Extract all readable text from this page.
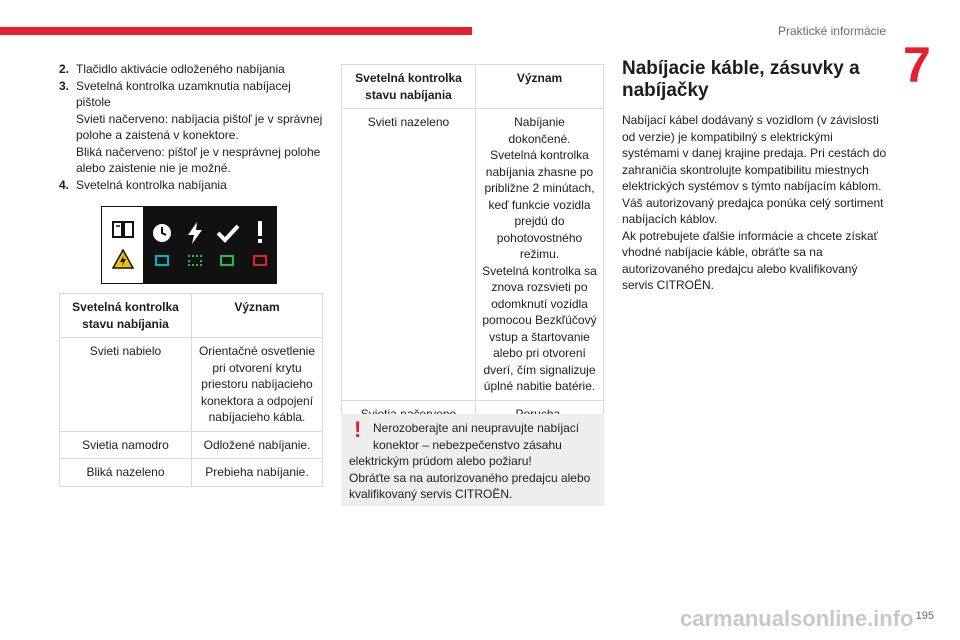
Praktické informácie
7
2. Tlačidlo aktivácie odloženého nabíjania
3. Svetelná kontrolka uzamknutia nabíjacej pištole
Svieti načerveno: nabíjacia pištoľ je v správnej polohe a zaistená v konektore.
Bliká načerveno: pištoľ je v nesprávnej polohe alebo zaistenie nie je možné.
4. Svetelná kontrolka nabíjania
Svetelná kontrolka stavu nabíjania	Význam
Svieti nabielo	Orientačné osvetlenie pri otvorení krytu priestoru nabíjacieho konektora a odpojení nabíjacieho kábla.
Svietia namodro	Odložené nabíjanie.
Bliká nazeleno	Prebieha nabíjanie.
Svetelná kontrolka stavu nabíjania	Význam
Svieti nazeleno	Nabíjanie dokončené.
Svetelná kontrolka nabíjania zhasne po približne 2 minútach, keď funkcie vozidla prejdú do pohotovostného režimu.
Svetelná kontrolka sa znova rozsvieti po odomknutí vozidla pomocou Bezkľúčový vstup a štartovanie alebo pri otvorení dverí, čím signalizuje úplné nabitie batérie.

! Nerozoberajte ani neupravujte nabíjací konektor – nebezpečenstvo zásahu
elektrickým prúdom alebo požiaru!
Obráťte sa na autorizovaného predajcu alebo kvalifikovaný servis CITROËN.
Nabíjacie káble, zásuvky a nabíjačky
Nabíjací kábel dodávaný s vozidlom (v závislosti od verzie) je kompatibilný s elektrickými systémami v danej krajine predaja. Pri cestách do zahraničia skontrolujte kompatibilitu miestnych elektrických systémov s týmto nabíjacím káblom.
Váš autorizovaný predajca ponúka celý sortiment nabíjacích káblov.
Ak potrebujete ďalšie informácie a chcete získať vhodné nabíjacie káble, obráťte sa na autorizovaného predajcu alebo kvalifikovaný servis CITROËN.
carmanualsonline.info 195
